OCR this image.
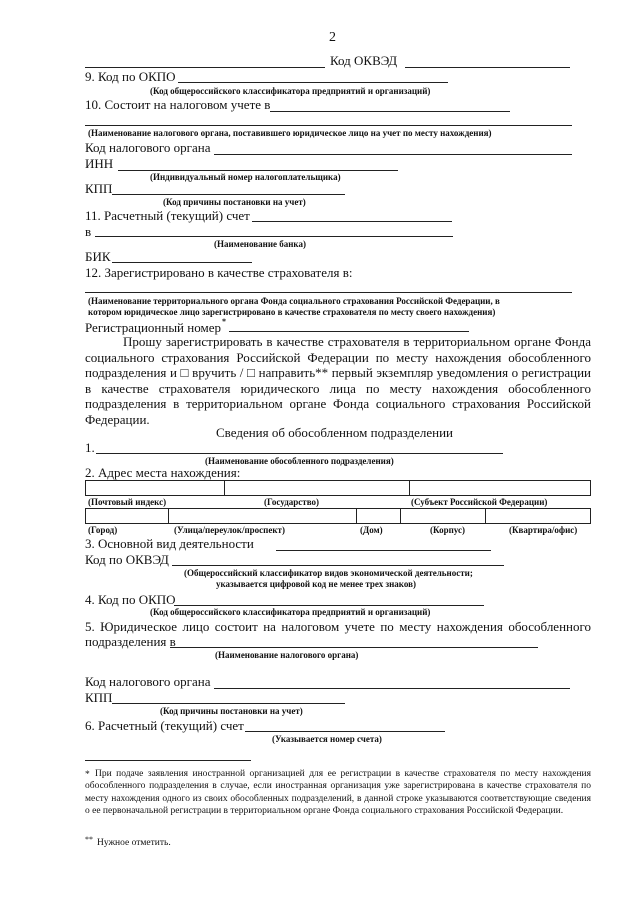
2
Код ОКВЭД
9. Код по ОКПО
(Код общероссийского классификатора предприятий и организаций)
10. Состоит на налоговом учете в
(Наименование налогового органа, поставившего юридическое лицо на учет по месту нахождения)
Код налогового органа
ИНН
(Индивидуальный номер налогоплательщика)
КПП
(Код причины постановки на учет)
11. Расчетный (текущий) счет
в
(Наименование банка)
БИК
12. Зарегистрировано в качестве страхователя в:
(Наименование территориального органа Фонда социального страхования Российской Федерации, в
котором юридическое лицо зарегистрировано в качестве страхователя по месту своего нахождения)
Регистрационный номер *
Прошу зарегистрировать в качестве страхователя в территориальном органе Фонда социального страхования Российской Федерации по месту нахождения обособленного подразделения и □ вручить / □ направить** первый экземпляр уведомления о регистрации в качестве страхователя юридического лица по месту нахождения обособленного подразделения в территориальном органе Фонда социального страхования Российской Федерации.
Сведения об обособленном подразделении
1.
(Наименование обособленного подразделения)
2. Адрес места нахождения:
(Почтовый индекс)	(Государство)	(Субъект Российской Федерации)
(Город)	(Улица/переулок/проспект)	(Дом)	(Корпус)	(Квартира/офис)
3. Основной вид деятельности
Код по ОКВЭД
(Общероссийский классификатор видов экономической деятельности;
указывается цифровой код не менее трех знаков)
4. Код по ОКПО
(Код общероссийского классификатора предприятий и организаций)
5. Юридическое лицо состоит на налоговом учете по месту нахождения обособленного
подразделения в
(Наименование налогового органа)
Код налогового органа
КПП
(Код причины постановки на учет)
6. Расчетный (текущий) счет
(Указывается номер счета)
* При подаче заявления иностранной организацией для ее регистрации в качестве страхователя по месту нахождения обособленного подразделения в случае, если иностранная организация уже зарегистрирована в качестве страхователя по месту нахождения одного из своих обособленных подразделений, в данной строке указываются соответствующие сведения о ее первоначальной регистрации в территориальном органе Фонда социального страхования Российской Федерации.
** Нужное отметить.
